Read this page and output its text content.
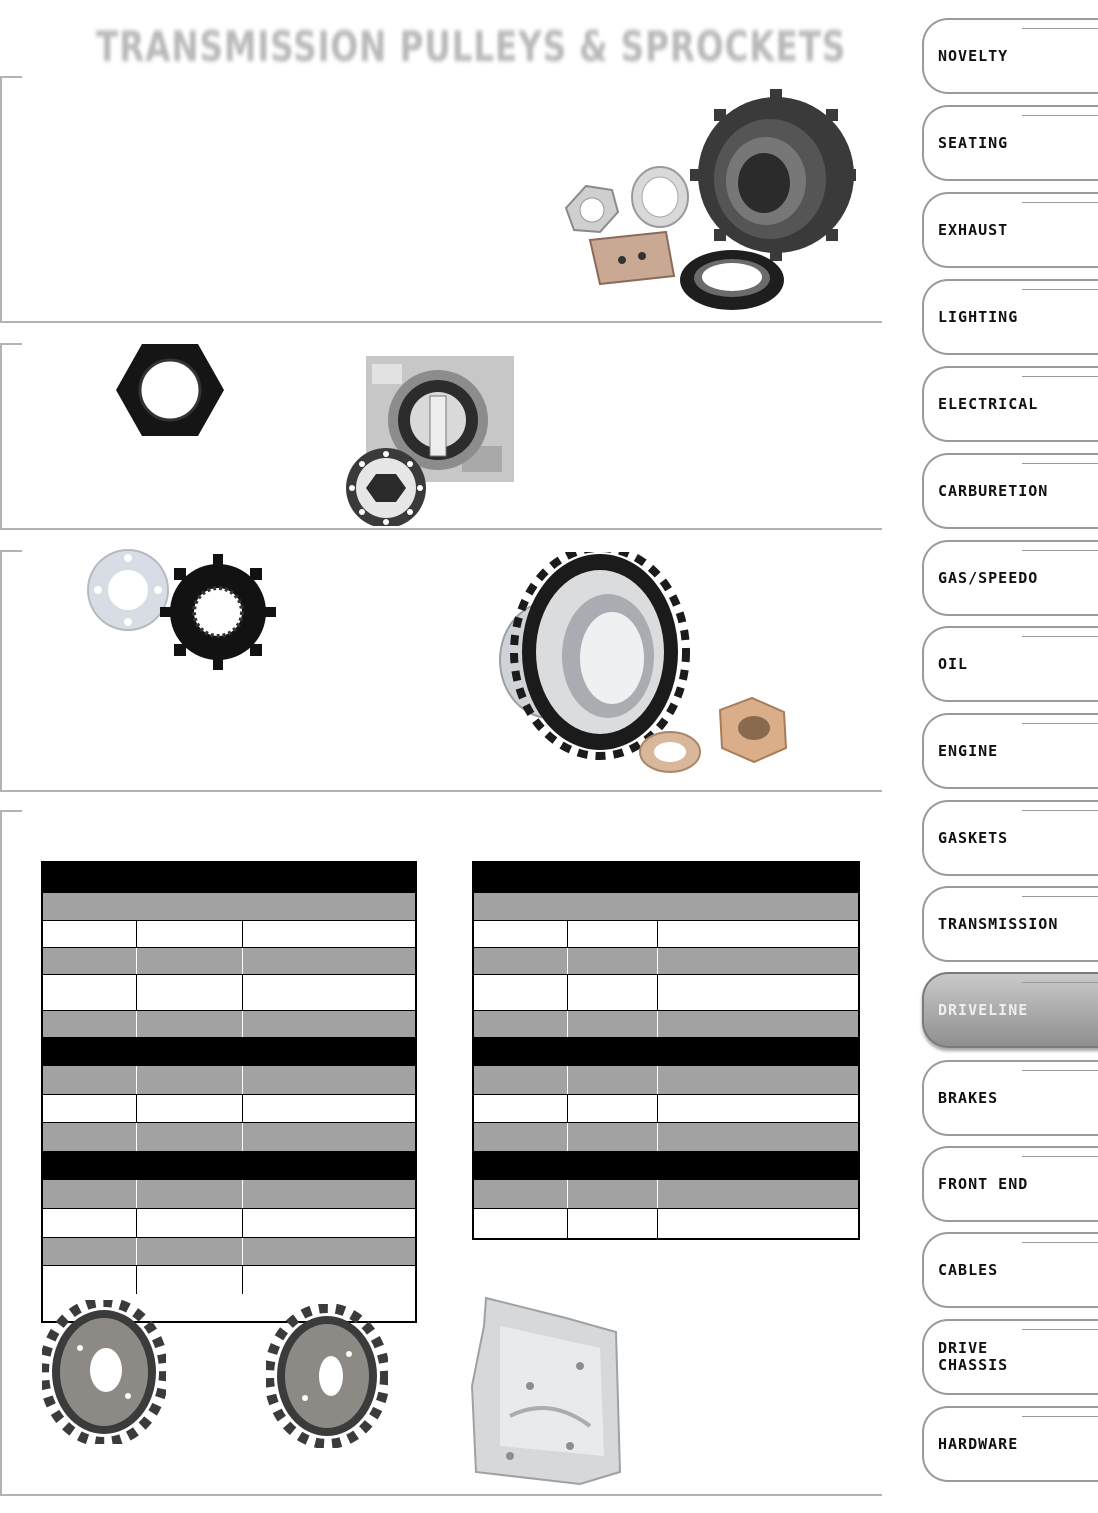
TRANSMISSION PULLEYS & SPROCKETS	NOVELTY
SEATING
EXHAUST
LIGHTING
ELECTRICAL
CARBURETION
GAS/SPEEDO
OIL
ENGINE
GASKETS
TRANSMISSION
DRIVELINE
BRAKES
FRONT END
CABLES
DRIVE
CHASSIS
HARDWARE
